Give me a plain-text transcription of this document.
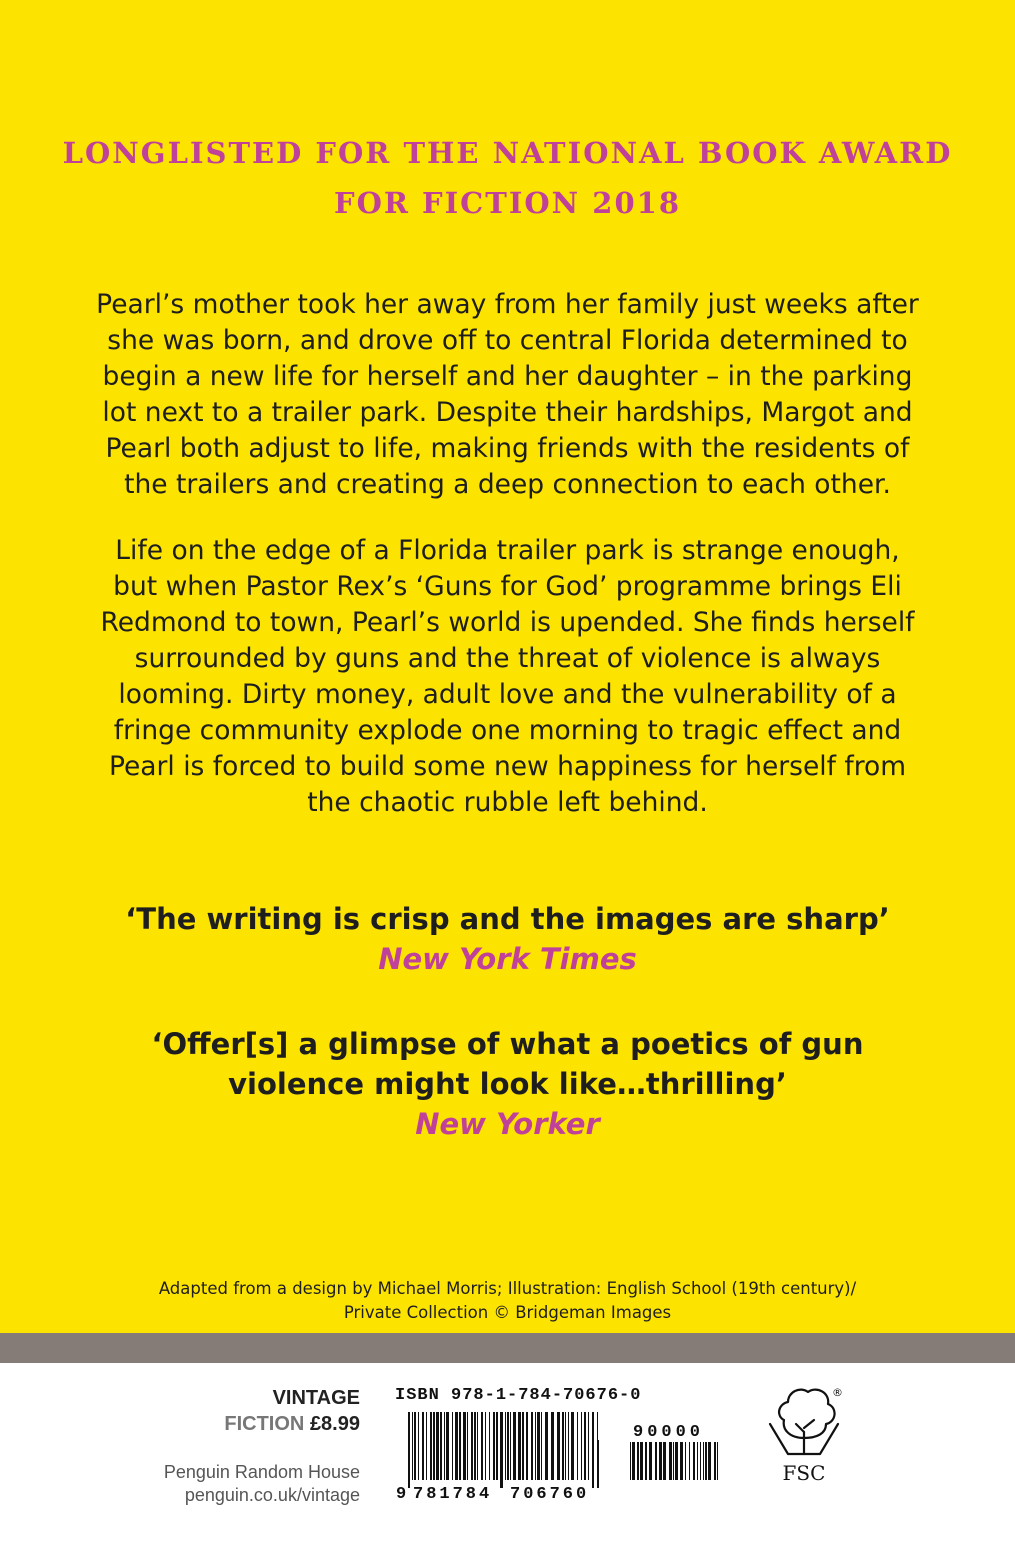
LONGLISTED FOR THE NATIONAL BOOK AWARD
FOR FICTION 2018

Pearl’s mother took her away from her family just weeks after
she was born, and drove off to central Florida determined to
begin a new life for herself and her daughter – in the parking
lot next to a trailer park. Despite their hardships, Margot and
Pearl both adjust to life, making friends with the residents of
the trailers and creating a deep connection to each other.

Life on the edge of a Florida trailer park is strange enough,
but when Pastor Rex’s ‘Guns for God’ programme brings Eli
Redmond to town, Pearl’s world is upended. She finds herself
surrounded by guns and the threat of violence is always
looming. Dirty money, adult love and the vulnerability of a
fringe community explode one morning to tragic effect and
Pearl is forced to build some new happiness for herself from
the chaotic rubble left behind.

‘The writing is crisp and the images are sharp’
New York Times
‘Offer[s] a glimpse of what a poetics of gun
violence might look like…thrilling’
New Yorker
Adapted from a design by Michael Morris; Illustration: English School (19th century)/
Private Collection © Bridgeman Images
VINTAGE
FICTION £8.99
Penguin Random House
penguin.co.uk/vintage
ISBN 978-1-784-70676-0
9 781784 706760
90000
®
FSC
